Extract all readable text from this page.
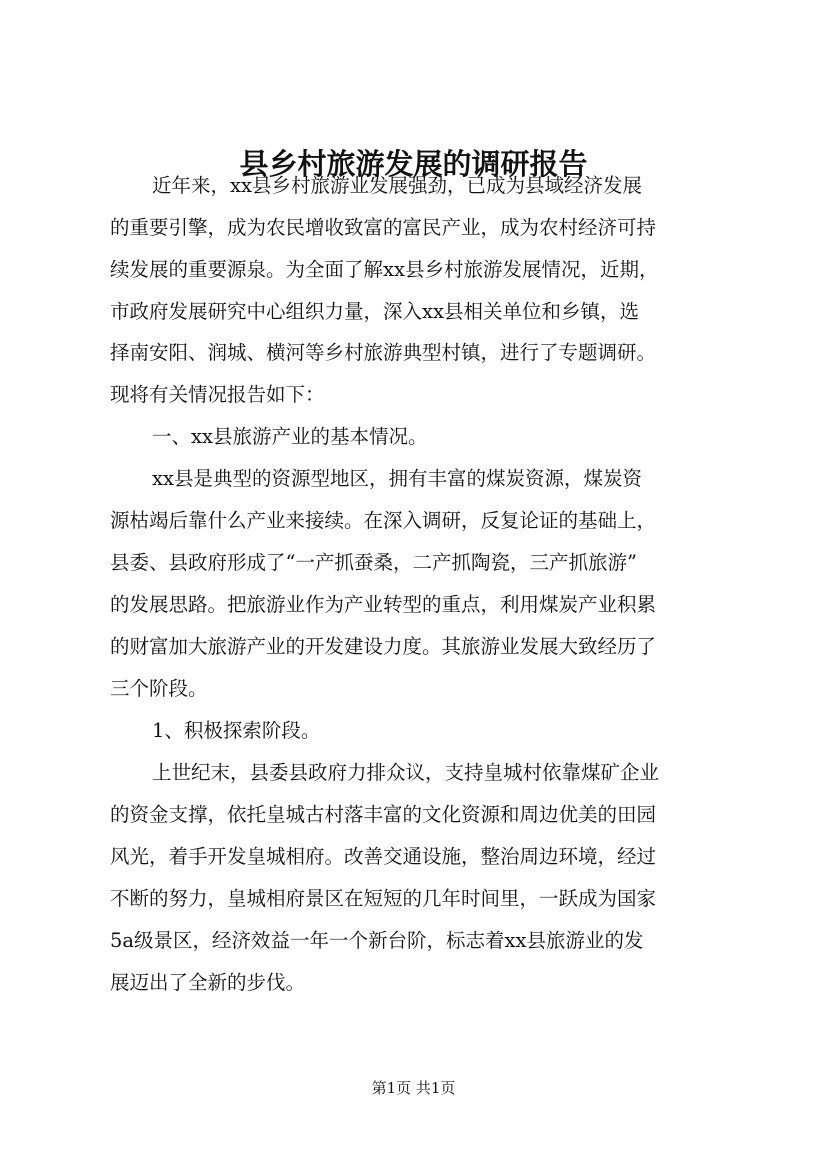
县乡村旅游发展的调研报告
近年来，xx县乡村旅游业发展强劲，已成为县域经济发展
的重要引擎，成为农民增收致富的富民产业，成为农村经济可持
续发展的重要源泉。为全面了解xx县乡村旅游发展情况，近期，
市政府发展研究中心组织力量，深入xx县相关单位和乡镇，选
择南安阳、润城、横河等乡村旅游典型村镇，进行了专题调研。
现将有关情况报告如下：
一、xx县旅游产业的基本情况。
xx县是典型的资源型地区，拥有丰富的煤炭资源，煤炭资
源枯竭后靠什么产业来接续。在深入调研，反复论证的基础上，
县委、县政府形成了“一产抓蚕桑，二产抓陶瓷，三产抓旅游”
的发展思路。把旅游业作为产业转型的重点，利用煤炭产业积累
的财富加大旅游产业的开发建设力度。其旅游业发展大致经历了
三个阶段。
1、积极探索阶段。
上世纪末，县委县政府力排众议，支持皇城村依靠煤矿企业
的资金支撑，依托皇城古村落丰富的文化资源和周边优美的田园
风光，着手开发皇城相府。改善交通设施，整治周边环境，经过
不断的努力，皇城相府景区在短短的几年时间里，一跃成为国家
5a级景区，经济效益一年一个新台阶，标志着xx县旅游业的发
展迈出了全新的步伐。
第1页 共1页
